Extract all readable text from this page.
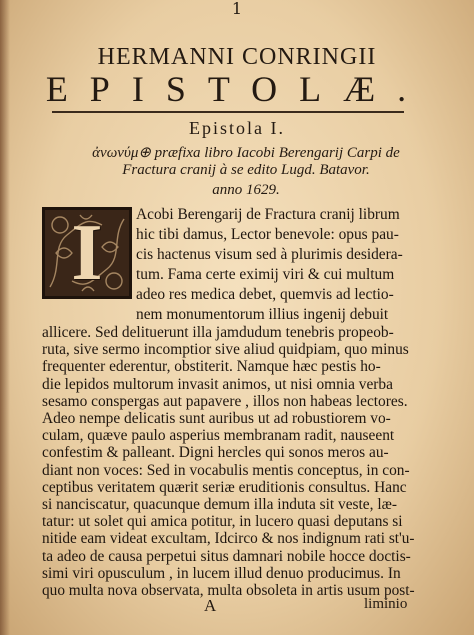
1
HERMANNI CONRINGII
EPISTOLÆ.
Epistola I.
ἀνωνύμ⊕ præfixa libro Iacobi Berengarij Carpi de
Fractura cranij à se edito Lugd. Batavor.
anno 1629.
I Acobi Berengarij de Fractura cranij librum
hic tibi damus, Lector benevole: opus pau-
cis hactenus visum sed à plurimis desidera-
tum. Fama certe eximij viri & cui multum
adeo res medica debet, quemvis ad lectio-
nem monumentorum illius ingenij debuit
allicere. Sed delituerunt illa jamdudum tenebris propeob-
ruta, sive sermo incomptior sive aliud quidpiam, quo minus
frequenter ederentur, obstiterit. Namque hæc pestis ho-
die lepidos multorum invasit animos, ut nisi omnia verba
sesamo conspergas aut papavere , illos non habeas lectores.
Adeo nempe delicatis sunt auribus ut ad robustiorem vo-
culam, quæve paulo asperius membranam radit, nauseent
confestim & palleant. Digni hercles qui sonos meros au-
diant non voces: Sed in vocabulis mentis conceptus, in con-
ceptibus veritatem quærit seriæ eruditionis consultus. Hanc
si nanciscatur, quacunque demum illa induta sit veste, læ-
tatur: ut solet qui amica potitur, in lucero quasi deputans si
nitide eam videat excultam, Idcirco & nos indignum rati st'u-
ta adeo de causa perpetui situs damnari nobile hocce doctis-
simi viri opusculum , in lucem illud denuo producimus. In
quo multa nova observata, multa obsoleta in artis usum post-
A	liminio
